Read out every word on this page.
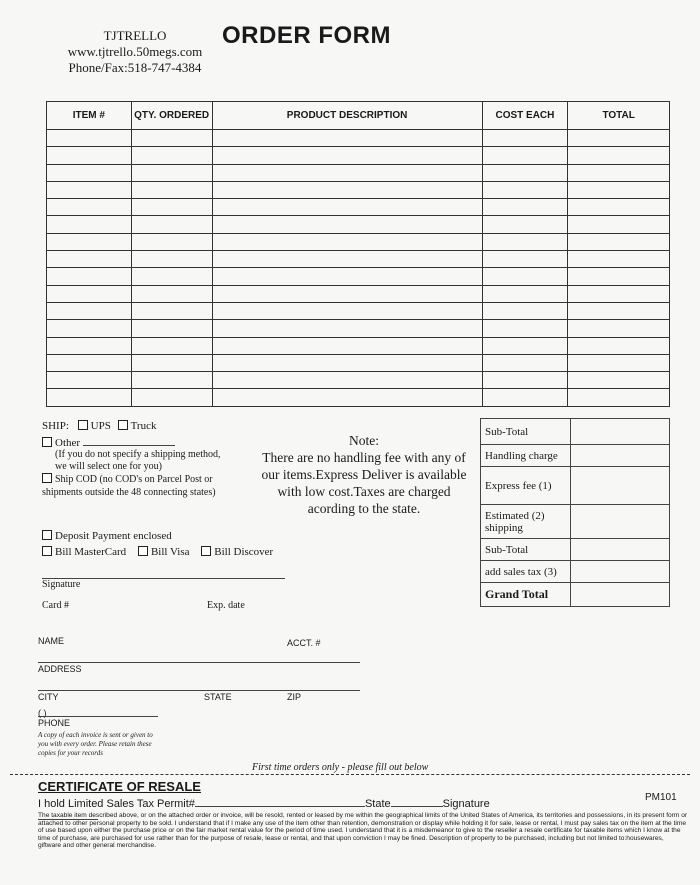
TJTRELLO
www.tjtrello.50megs.com
Phone/Fax:518-747-4384
ORDER FORM
ITEM #	QTY. ORDERED	PRODUCT DESCRIPTION	COST EACH	TOTAL

SHIP: UPS Truck
Other
(If you do not specify a shipping method,
we will select one for you)
Ship COD (no COD's on Parcel Post or
shipments outside the 48 connecting states)
Deposit Payment enclosed
Bill MasterCard Bill Visa Bill Discover
Signature
Card #	Exp. date
Note:
There are no handling fee with any of our items.Express Deliver is available with low cost.Taxes are charged acording to the state.
Sub-Total	
Handling charge	
Express fee (1)	
Estimated (2) shipping	
Sub-Total	
add sales tax (3)	
Grand Total	
NAME	ACCT. #
ADDRESS
CITY	STATE	ZIP
( )
PHONE
A copy of each invoice is sent or given to you with every order. Please retain these copies for your records
First time orders only - please fill out below
CERTIFICATE OF RESALE
PM101
I hold Limited Sales Tax Permit#	State	Signature
The taxable item described above, or on the attached order or invoice, will be resold, rented or leased by me within the geographical limits of the United States of America, its territories and possessions, in its present form or attached to other personal property to be sold. I understand that if I make any use of the item other than retention, demonstration or display while holding it for sale, lease or rental, I must pay sales tax on the item at the time of use based upon either the purchase price or on the fair market rental value for the period of time used. I understand that it is a misdemeanor to give to the reseller a resale certificate for taxable items which I know at the time of purchase, are purchased for use rather than for the purpose of resale, lease or rental, and that upon conviction I may be fined. Description of property to be purchased, including but not limited to:housewares, giftware and other general merchandise.
